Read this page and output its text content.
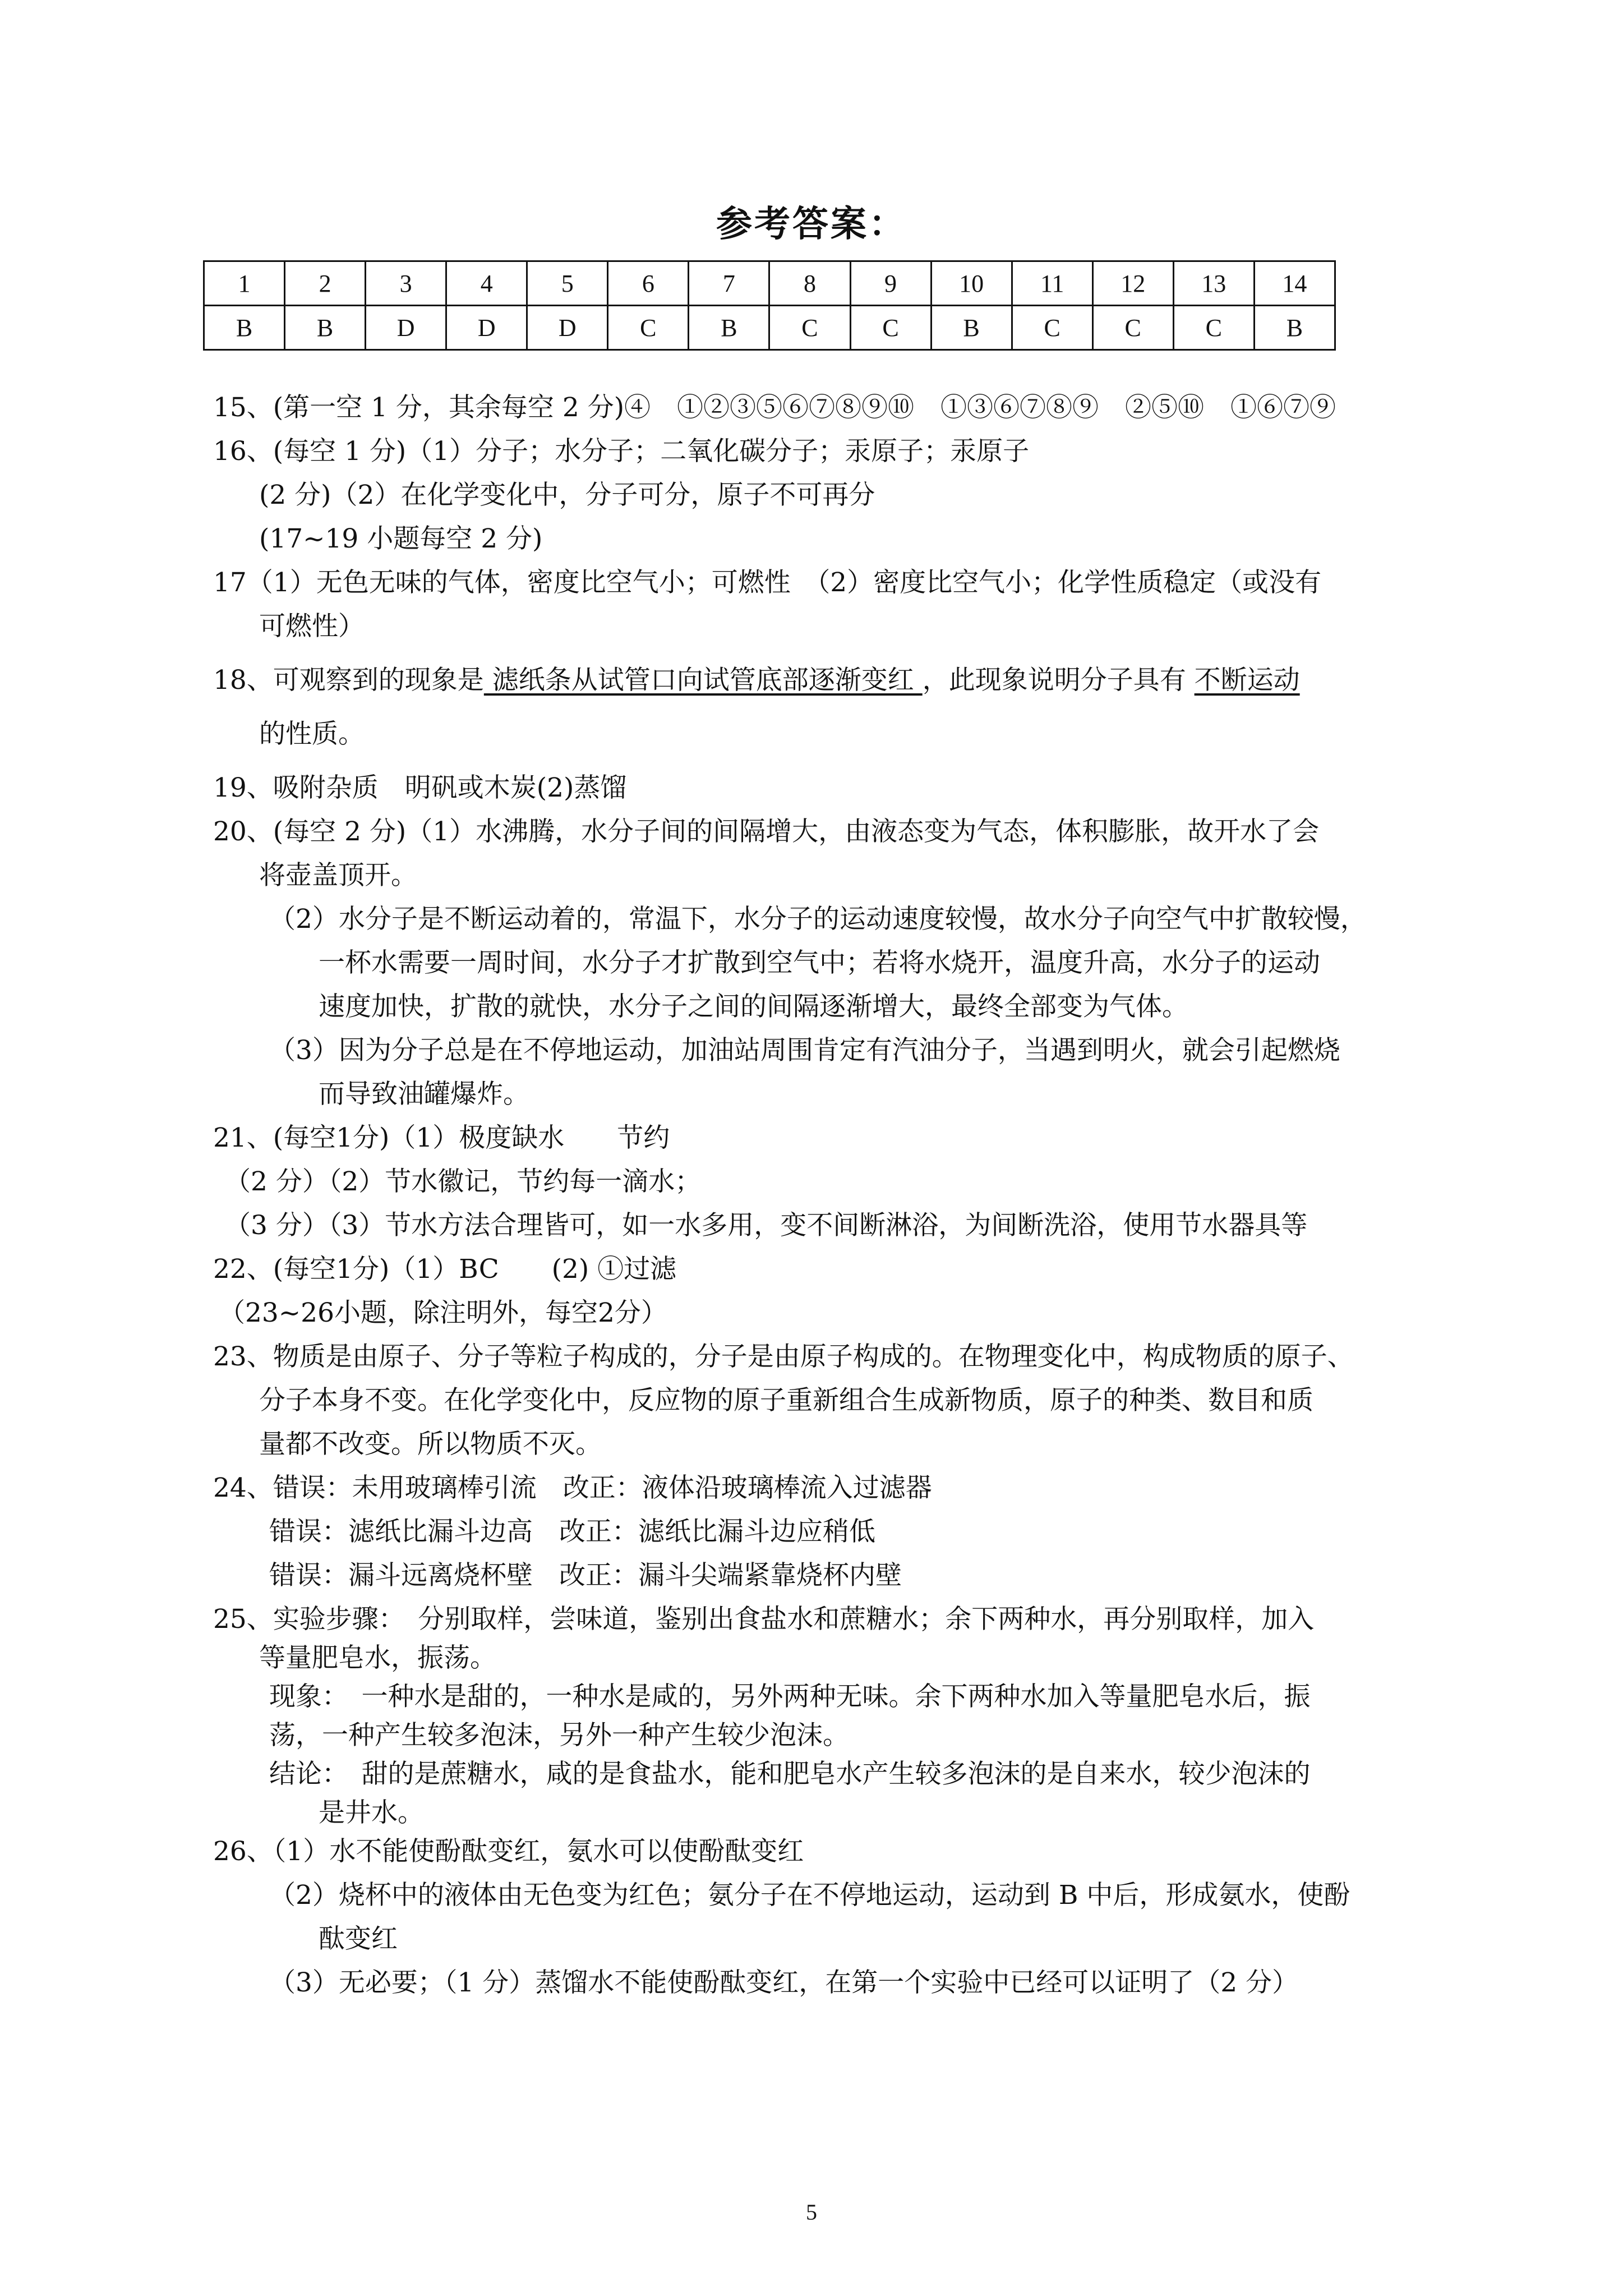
参考答案：
1	2	3	4	5	6	7	8	9	10	11	12	13	14
B	B	D	D	D	C	B	C	C	B	C	C	C	B
15、(第一空 1 分，其余每空 2 分)④　①②③⑤⑥⑦⑧⑨⑩　①③⑥⑦⑧⑨　②⑤⑩　①⑥⑦⑨
16、(每空 1 分)（1）分子；水分子；二氧化碳分子；汞原子；汞原子
(2 分)（2）在化学变化中，分子可分，原子不可再分
(17~19 小题每空 2 分)
17（1）无色无味的气体，密度比空气小；可燃性　（2）密度比空气小；化学性质稳定（或没有
可燃性）
18、可观察到的现象是 滤纸条从试管口向试管底部逐渐变红 ，此现象说明分子具有 不断运动
的性质。
19、吸附杂质　明矾或木炭(2)蒸馏
20、(每空 2 分)（1）水沸腾，水分子间的间隔增大，由液态变为气态，体积膨胀，故开水了会
将壶盖顶开。
（2）水分子是不断运动着的，常温下，水分子的运动速度较慢，故水分子向空气中扩散较慢，
一杯水需要一周时间，水分子才扩散到空气中；若将水烧开，温度升高，水分子的运动
速度加快，扩散的就快，水分子之间的间隔逐渐增大，最终全部变为气体。
（3）因为分子总是在不停地运动，加油站周围肯定有汽油分子，当遇到明火，就会引起燃烧
而导致油罐爆炸。
21、(每空1分)（1）极度缺水　　节约
（2 分）（2）节水徽记，节约每一滴水；
（3 分）（3）节水方法合理皆可，如一水多用，变不间断淋浴，为间断洗浴，使用节水器具等
22、(每空1分)（1）BC　　(2) ①过滤
（23~26小题，除注明外，每空2分）
23、物质是由原子、分子等粒子构成的，分子是由原子构成的。在物理变化中，构成物质的原子、
分子本身不变。在化学变化中，反应物的原子重新组合生成新物质，原子的种类、数目和质
量都不改变。所以物质不灭。
24、错误：未用玻璃棒引流　改正：液体沿玻璃棒流入过滤器
错误：滤纸比漏斗边高　改正：滤纸比漏斗边应稍低
错误：漏斗远离烧杯壁　改正：漏斗尖端紧靠烧杯内壁
25、实验步骤：　分别取样，尝味道，鉴别出食盐水和蔗糖水；余下两种水，再分别取样，加入
等量肥皂水，振荡。
现象：　一种水是甜的，一种水是咸的，另外两种无味。余下两种水加入等量肥皂水后，振
荡，一种产生较多泡沫，另外一种产生较少泡沫。
结论：　甜的是蔗糖水，咸的是食盐水，能和肥皂水产生较多泡沫的是自来水，较少泡沫的
是井水。
26、（1）水不能使酚酞变红，氨水可以使酚酞变红
（2）烧杯中的液体由无色变为红色；氨分子在不停地运动，运动到 B 中后，形成氨水，使酚
酞变红
（3）无必要；（1 分）蒸馏水不能使酚酞变红，在第一个实验中已经可以证明了（2 分）
5
